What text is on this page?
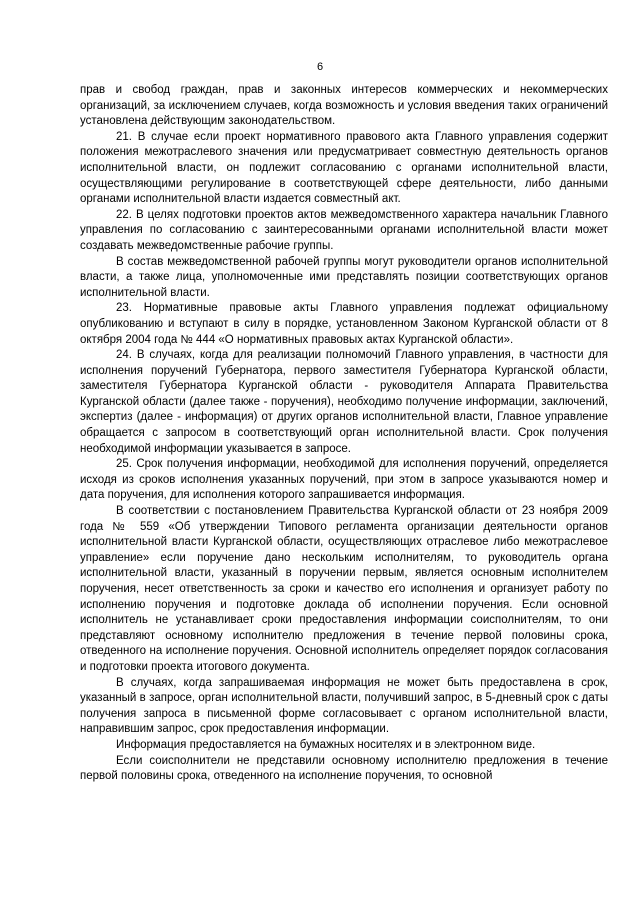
6

прав и свобод граждан, прав и законных интересов коммерческих и некоммерческих организаций, за исключением случаев, когда возможность и условия введения таких ограничений установлена действующим законодательством.

21. В случае если проект нормативного правового акта Главного управления содержит положения межотраслевого значения или предусматривает совместную деятельность органов исполнительной власти, он подлежит согласованию с органами исполнительной власти, осуществляющими регулирование в соответствующей сфере деятельности, либо данными органами исполнительной власти издается совместный акт.

22. В целях подготовки проектов актов межведомственного характера начальник Главного управления по согласованию с заинтересованными органами исполнительной власти может создавать межведомственные рабочие группы.

В состав межведомственной рабочей группы могут руководители органов исполнительной власти, а также лица, уполномоченные ими представлять позиции соответствующих органов исполнительной власти.

23. Нормативные правовые акты Главного управления подлежат официальному опубликованию и вступают в силу в порядке, установленном Законом Курганской области от 8 октября 2004 года № 444 «О нормативных правовых актах Курганской области».

24. В случаях, когда для реализации полномочий Главного управления, в частности для исполнения поручений Губернатора, первого заместителя Губернатора Курганской области, заместителя Губернатора Курганской области - руководителя Аппарата Правительства Курганской области (далее также - поручения), необходимо получение информации, заключений, экспертиз (далее - информация) от других органов исполнительной власти, Главное управление обращается с запросом в соответствующий орган исполнительной власти. Срок получения необходимой информации указывается в запросе.

25. Срок получения информации, необходимой для исполнения поручений, определяется исходя из сроков исполнения указанных поручений, при этом в запросе указываются номер и дата поручения, для исполнения которого запрашивается информация.

В соответствии с постановлением Правительства Курганской области от 23 ноября 2009 года № 559 «Об утверждении Типового регламента организации деятельности органов исполнительной власти Курганской области, осуществляющих отраслевое либо межотраслевое управление» если поручение дано нескольким исполнителям, то руководитель органа исполнительной власти, указанный в поручении первым, является основным исполнителем поручения, несет ответственность за сроки и качество его исполнения и организует работу по исполнению поручения и подготовке доклада об исполнении поручения. Если основной исполнитель не устанавливает сроки предоставления информации соисполнителям, то они представляют основному исполнителю предложения в течение первой половины срока, отведенного на исполнение поручения. Основной исполнитель определяет порядок согласования и подготовки проекта итогового документа.

В случаях, когда запрашиваемая информация не может быть предоставлена в срок, указанный в запросе, орган исполнительной власти, получивший запрос, в 5-дневный срок с даты получения запроса в письменной форме согласовывает с органом исполнительной власти, направившим запрос, срок предоставления информации.

Информация предоставляется на бумажных носителях и в электронном виде.

Если соисполнители не представили основному исполнителю предложения в течение первой половины срока, отведенного на исполнение поручения, то основной
